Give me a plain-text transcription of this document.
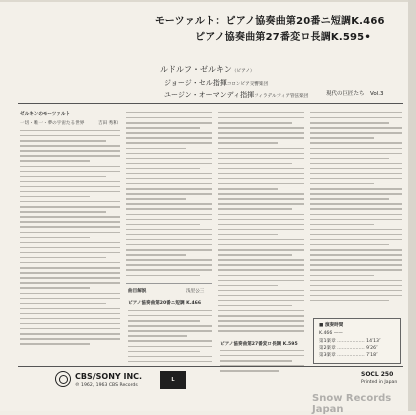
モーツァルト：ピアノ協奏曲第20番ニ短調K.466
ピアノ協奏曲第27番変ロ長調K.595•
ルドルフ・ゼルキン（ピアノ）
ジョージ・セル指揮コロンビア交響楽団
ユージン・オーマンディ指揮フィラデルフィア管弦楽団	現代の巨匠たち　Vol.3
ゼルキンのモーツァルト
一切・唯一・夢の宇宙たる世界	吉田 秀和
曲目解説	浅里公三
ピアノ協奏曲第20番ニ短調 K.466
ピアノ協奏曲第27番変ロ長調 K.595
■ 演奏時間
K.466 ——
第1楽章 ……………… 14′13″
第2楽章 ……………… 9′26″
第3楽章 ……………… 7′18″
CBS/SONY INC.
℗ 1962, 1963 CBS Records
L
SOCL 250
Printed in Japan
Snow Records Japan
